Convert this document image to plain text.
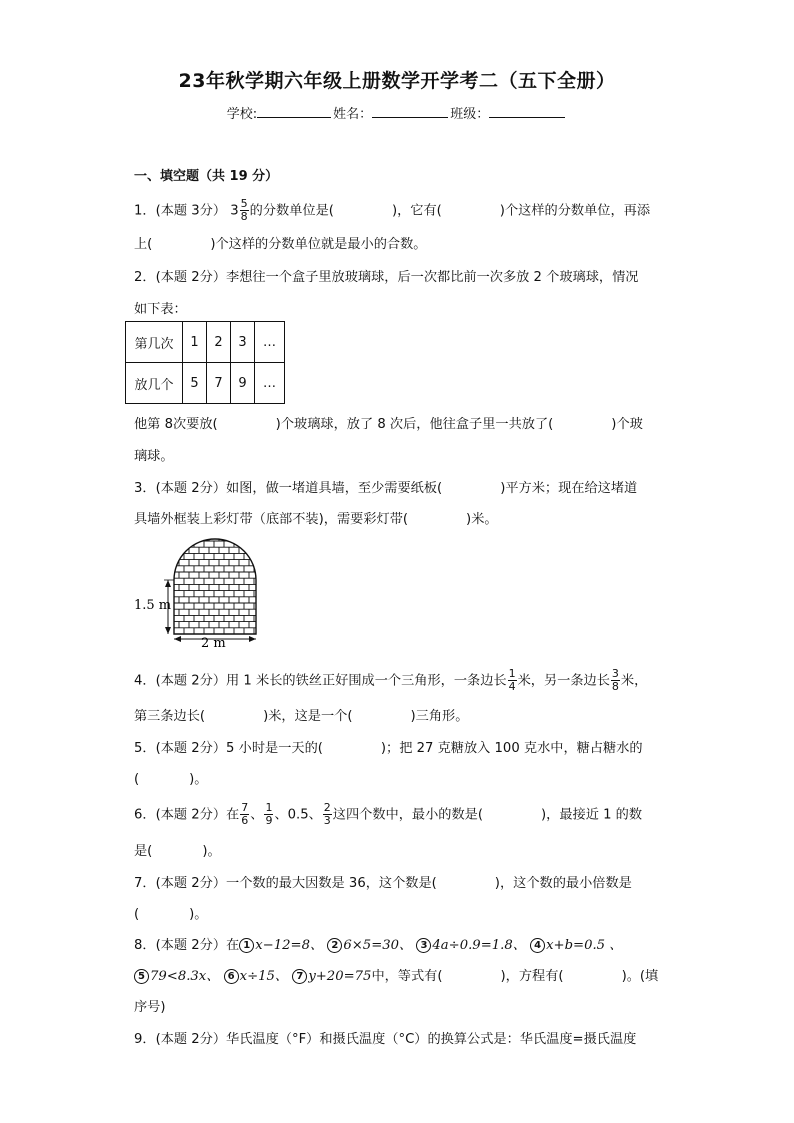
23年秋学期六年级上册数学开学考二（五下全册）
学校:	姓名：	班级：
一、填空题（共 19 分）
1．(本题 3分） $3 \frac{5}{8}$ 的分数单位是(	)，它有(	)个这样的分数单位，再添
上(	)个这样的分数单位就是最小的合数。
2．(本题 2分）李想往一个盒子里放玻璃球，后一次都比前一次多放 2 个玻璃球，情况
如下表：
第几次	1	2	3	…
放几个	5	7	9	…
他第 8次要放(	)个玻璃球，放了 8 次后，他往盒子里一共放了(	)个玻
璃球。
3．(本题 2分）如图，做一堵道具墙，至少需要纸板(	)平方米；现在给这堵道
具墙外框装上彩灯带（底部不装)，需要彩灯带(	)米。
1.5 m
2 m
4．(本题 2分）用 1 米长的铁丝正好围成一个三角形，一条边长 $\frac{1}{4}$ 米，另一条边长 $\frac{3}{8}$ 米，
第三条边长(	)米，这是一个(	)三角形。
5．(本题 2分）5 小时是一天的(	)；把 27 克糖放入 100 克水中，糖占糖水的
(	)。
6．(本题 2分）在 $\frac{7}{6}$ 、 $\frac{1}{9}$ 、0.5、 $\frac{2}{3}$ 这四个数中，最小的数是(	)，最接近 1 的数
是(	)。
7．(本题 2分）一个数的最大因数是 36，这个数是(	)，这个数的最小倍数是
(	)。
8．(本题 2分）在 1 x−12=8、 2 6×5=30、 3 4a÷0.9=1.8、 4 x+b=0.5 、
5 79<8.3x、 6 x÷15、 7 y+20=75中，等式有(	)，方程有(	)。(填
序号)
9．(本题 2分）华氏温度（°F）和摄氏温度（°C）的换算公式是：华氏温度=摄氏温度
